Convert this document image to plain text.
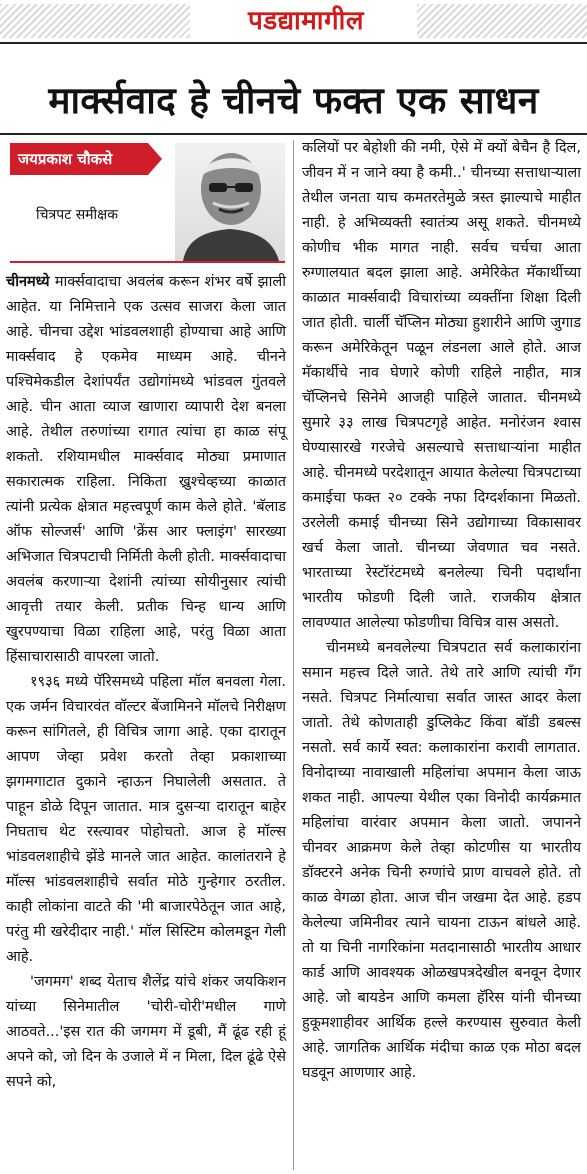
पडद्यामागील
मार्क्सवाद हे चीनचे फक्त एक साधन
जयप्रकाश चौकसे
चित्रपट समीक्षक

चीनमध्ये मार्क्सवादाचा अवलंब करून शंभर वर्षे झाली आहेत. या निमित्ताने एक उत्सव साजरा केला जात आहे. चीनचा उद्देश भांडवलशाही होण्याचा आहे आणि मार्क्सवाद हे एकमेव माध्यम आहे. चीनने पश्चिमेकडील देशांपर्यंत उद्योगांमध्ये भांडवल गुंतवले आहे. चीन आता व्याज खाणारा व्यापारी देश बनला आहे. तेथील तरुणांच्या रागात त्यांचा हा काळ संपू शकतो. रशियामधील मार्क्सवाद मोठ्या प्रमाणात सकारात्मक राहिला. निकिता ख्रुश्चेव्हच्या काळात त्यांनी प्रत्येक क्षेत्रात महत्त्वपूर्ण काम केले होते. 'बॅलाड ऑफ सोल्जर्स' आणि 'क्रेंस आर फ्लाइंग' सारख्या अभिजात चित्रपटाची निर्मिती केली होती. मार्क्सवादाचा अवलंब करणाऱ्या देशांनी त्यांच्या सोयीनुसार त्यांची आवृत्ती तयार केली. प्रतीक चिन्ह धान्य आणि खुरपण्याचा विळा राहिला आहे, परंतु विळा आता हिंसाचारासाठी वापरला जातो.

१९३६ मध्ये पॅरिसमध्ये पहिला मॉल बनवला गेला. एक जर्मन विचारवंत वॉल्टर बेंजामिनने मॉलचे निरीक्षण करून सांगितले, ही विचित्र जागा आहे. एका दारातून आपण जेव्हा प्रवेश करतो तेव्हा प्रकाशाच्या झगमगाटात दुकाने न्हाऊन निघालेली असतात. ते पाहून डोळे दिपून जातात. मात्र दुसऱ्या दारातून बाहेर निघताच थेट रस्त्यावर पोहोचतो. आज हे मॉल्स भांडवलशाहीचे झेंडे मानले जात आहेत. कालांतराने हे मॉल्स भांडवलशाहीचे सर्वात मोठे गुन्हेगार ठरतील. काही लोकांना वाटते की 'मी बाजारपेठेतून जात आहे, परंतु मी खरेदीदार नाही.' मॉल सिस्टिम कोलमडून गेली आहे.

'जगमग' शब्द येताच शैलेंद्र यांचे शंकर जयकिशन यांच्या सिनेमातील 'चोरी-चोरी'मधील गाणे आठवते...'इस रात की जगमग में डूबी, मैं ढूंढ रही हूं अपने को, जो दिन के उजाले में न मिला, दिल ढूंढे ऐसे सपने को,

कलियों पर बेहोशी की नमी, ऐसे में क्यों बेचैन है दिल, जीवन में न जाने क्या है कमी..' चीनच्या सत्ताधाऱ्याला तेथील जनता याच कमतरतेमुळे त्रस्त झाल्याचे माहीत नाही. हे अभिव्यक्ती स्वातंत्र्य असू शकते. चीनमध्ये कोणीच भीक मागत नाही. सर्वच चर्चचा आता रुग्णालयात बदल झाला आहे. अमेरिकेत मॅकार्थीच्या काळात मार्क्सवादी विचारांच्या व्यक्तींना शिक्षा दिली जात होती. चार्ली चॅप्लिन मोठ्या हुशारीने आणि जुगाड करून अमेरिकेतून पळून लंडनला आले होते. आज मॅकार्थीचे नाव घेणारे कोणी राहिले नाहीत, मात्र चॅप्लिनचे सिनेमे आजही पाहिले जातात. चीनमध्ये सुमारे ३३ लाख चित्रपटगृहे आहेत. मनोरंजन श्वास घेण्यासारखे गरजेचे असल्याचे सत्ताधाऱ्यांना माहीत आहे. चीनमध्ये परदेशातून आयात केलेल्या चित्रपटाच्या कमाईचा फक्त २० टक्के नफा दिग्दर्शकाना मिळतो. उरलेली कमाई चीनच्या सिने उद्योगाच्या विकासावर खर्च केला जातो. चीनच्या जेवणात चव नसते. भारताच्या रेस्टॉरंटमध्ये बनलेल्या चिनी पदार्थांना भारतीय फोडणी दिली जाते. राजकीय क्षेत्रात लावण्यात आलेल्या फोडणीचा विचित्र वास असतो.

चीनमध्ये बनवलेल्या चित्रपटात सर्व कलाकारांना समान महत्त्व दिले जाते. तेथे तारे आणि त्यांची गँग नसते. चित्रपट निर्मात्याचा सर्वात जास्त आदर केला जातो. तेथे कोणताही डुप्लिकेट किंवा बॉडी डबल्स नसतो. सर्व कार्ये स्वत: कलाकारांना करावी लागतात. विनोदाच्या नावाखाली महिलांचा अपमान केला जाऊ शकत नाही. आपल्या येथील एका विनोदी कार्यक्रमात महिलांचा वारंवार अपमान केला जातो. जपानने चीनवर आक्रमण केले तेव्हा कोटणीस या भारतीय डॉक्टरने अनेक चिनी रुग्णांचे प्राण वाचवले होते. तो काळ वेगळा होता. आज चीन जखमा देत आहे. हडप केलेल्या जमिनीवर त्याने चायना टाऊन बांधले आहे. तो या चिनी नागरिकांना मतदानासाठी भारतीय आधार कार्ड आणि आवश्यक ओळखपत्रदेखील बनवून देणार आहे. जो बायडेन आणि कमला हॅरिस यांनी चीनच्या हुकूमशाहीवर आर्थिक हल्ले करण्यास सुरुवात केली आहे. जागतिक आर्थिक मंदीचा काळ एक मोठा बदल घडवून आणणार आहे.
